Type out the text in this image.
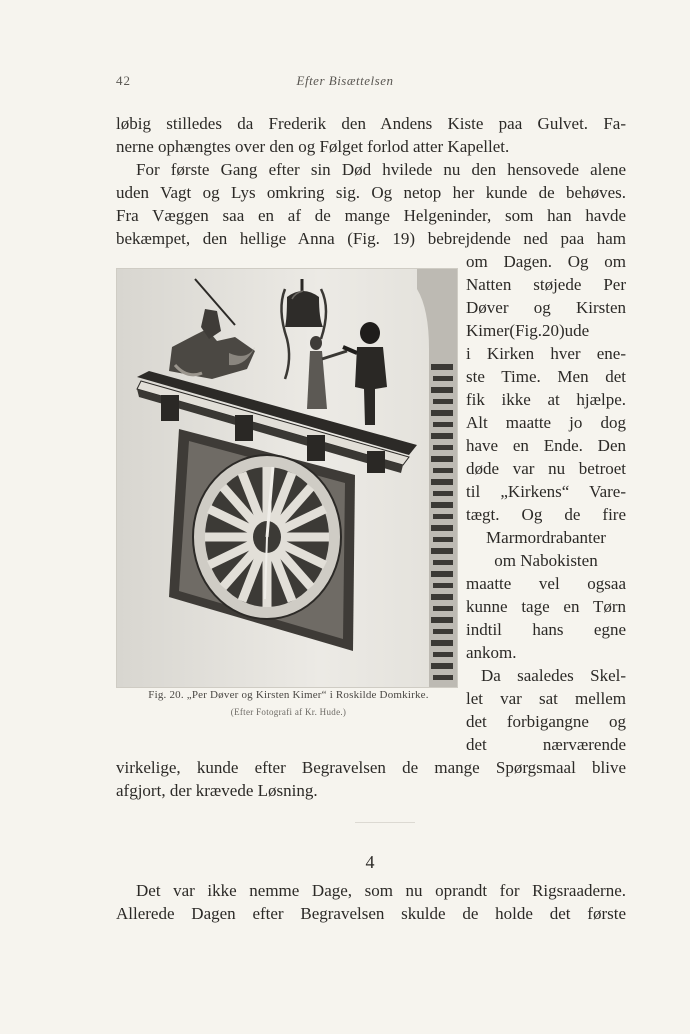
42	Efter Bisættelsen
løbig stilledes da Frederik den Andens Kiste paa Gulvet. Fa-
nerne ophængtes over den og Følget forlod atter Kapellet.
For første Gang efter sin Død hvilede nu den hensovede alene
uden Vagt og Lys omkring sig. Og netop her kunde de behøves.
Fra Væggen saa en af de mange Helgeninder, som han havde
bekæmpet, den hellige Anna (Fig. 19) bebrejdende ned paa ham
om Dagen. Og om
Natten støjede Per
Døver og Kirsten
Kimer(Fig.20)ude
i Kirken hver ene-
ste Time. Men det
fik ikke at hjælpe.
Alt maatte jo dog
have en Ende. Den
døde var nu betroet
til „Kirkens“ Vare-
tægt. Og de fire
Marmordrabanter
om Nabokisten
maatte vel ogsaa
kunne tage en Tørn
indtil hans egne
ankom.
Da saaledes Skel-
let var sat mellem
det forbigangne og
det nærværende
virkelige, kunde efter Begravelsen de mange Spørgsmaal blive
afgjort, der krævede Løsning.
Fig. 20. „Per Døver og Kirsten Kimer“ i Roskilde Domkirke.
(Efter Fotografi af Kr. Hude.)
4
Det var ikke nemme Dage, som nu oprandt for Rigsraaderne.
Allerede Dagen efter Begravelsen skulde de holde det første
